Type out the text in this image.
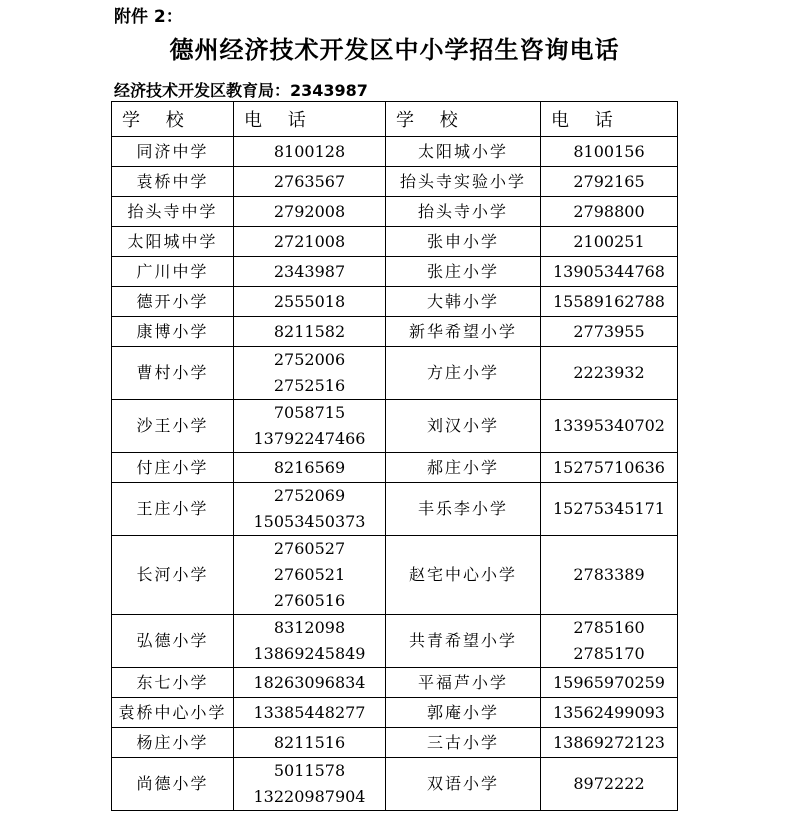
附件 2：
德州经济技术开发区中小学招生咨询电话
经济技术开发区教育局：2343987
学 校	电 话	学 校	电 话
同济中学	8100128	太阳城小学	8100156

袁桥中学	2763567	抬头寺实验小学	2792165

抬头寺中学	2792008	抬头寺小学	2798800

太阳城中学	2721008	张申小学	2100251

广川中学	2343987	张庄小学	13905344768

德开小学	2555018	大韩小学	15589162788

康博小学	8211582	新华希望小学	2773955

曹村小学	2752006
2752516	方庄小学	2223932

沙王小学	7058715
13792247466	刘汉小学	13395340702

付庄小学	8216569	郝庄小学	15275710636

王庄小学	2752069
15053450373	丰乐李小学	15275345171

长河小学	2760527
2760521
2760516	赵宅中心小学	2783389

弘德小学	8312098
13869245849	共青希望小学	2785160
2785170

东七小学	18263096834	平福芦小学	15965970259

袁桥中心小学	13385448277	郭庵小学	13562499093

杨庄小学	8211516	三古小学	13869272123

尚德小学	5011578
13220987904	双语小学	8972222
